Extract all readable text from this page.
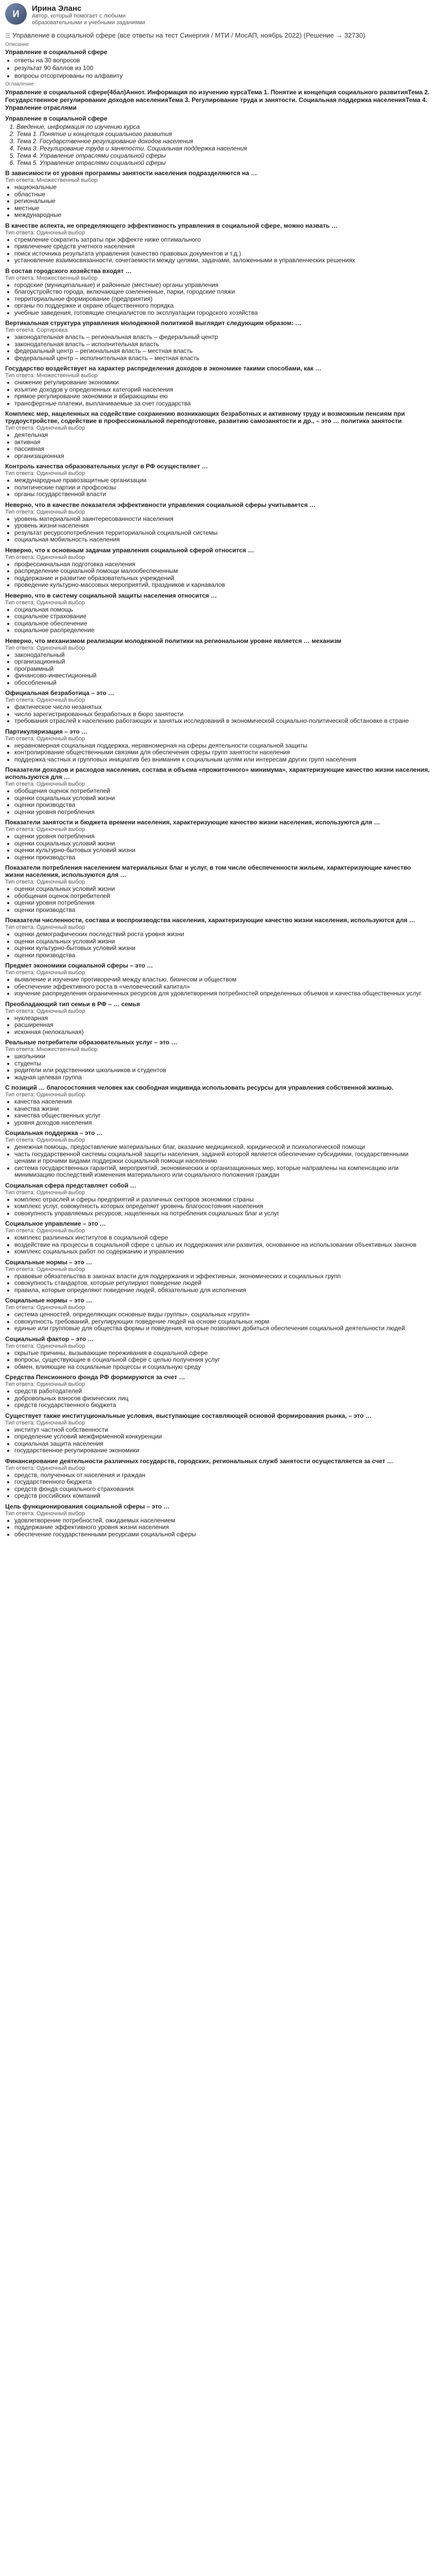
И	Ирина Эланс
Автор, который помогает с любыми образовательными и учебными заданиями
☰ Управление в социальной сфере (все ответы на тест Синергия / МТИ / МосАП, ноябрь 2022) (Решение → 32730)
Описание
Управление в социальной сфере
• ответы на 30 вопросов
• результат 90 баллов из 100
• вопросы отсортированы по алфавиту
Оглавление
Управление в социальной сфере(4бал)Аннот. Информация по изучению курсаТема 1. Понятие и концепция социального развитияТема 2. Государственное регулирование доходов населенияТема 3. Регулирование труда и занятости. Социальная поддержка населенияТема 4. Управление отраслями
Управление в социальной сфере
1. Введение, информация по изучению курса
2. Тема 1. Понятие и концепция социального развития
3. Тема 2. Государственное регулирование доходов населения
4. Тема 3. Регулирование труда и занятости. Социальная поддержка населения
5. Тема 4. Управление отраслями социальной сферы
6. Тема 5. Управление отраслями социальной сферы
В зависимости от уровня программы занятости населения подразделяются на …
Тип ответа: Множественный выбор
• национальные
• областные
• региональные
• местные
• международные
В качестве аспекта, не определяющего эффективность управления в социальной сфере, можно назвать …
Тип ответа: Одиночный выбор
• стремление сократить затраты при эффекте ниже оптимального
• привлечение средств учетного населения
• поиск источника результата управления (качество правовых документов и т.д.)
• установление взаимосвязанности, сочетаемости между целями, задачами, заложенными в управленческих решениях
В состав городского хозяйства входят …
Тип ответа: Множественный выбор
• городские (муниципальные) и районные (местные) органы управления
• благоустройство города, включающее озелененные, парки, городские пляжи
• территориальное формирование (предприятия)
• органы по поддержке и охране общественного порядка
• учебные заведения, готовящие специалистов по эксплуатации городского хозяйства
Вертикальная структура управления молодежной политикой выглядит следующим образом: …
Тип ответа: Сортировка
• законодательная власть – региональная власть – федеральный центр
• законодательная власть – исполнительная власть
• федеральный центр – региональная власть – местная власть
• федеральный центр – исполнительная власть – местная власть
Государство воздействует на характер распределения доходов в экономике такими способами, как …
Тип ответа: Множественный выбор
• снижение регулирование экономики
• изъятие доходов у определенных категорий населения
• прямое регулирование экономики и вбирающимы ею
• трансфертные платежи, выплачиваемые за счет государства
Комплекс мер, нацеленных на содействие сохранению возникающих безработных и активному труду и возможным пенсиям при трудоустройстве, содействие в профессиональной переподготовке, развитию самозанятости и др., – это … политика занятости
Тип ответа: Одиночный выбор
• деятельная
• активная
• пассивная
• организационная
Контроль качества образовательных услуг в РФ осуществляет …
Тип ответа: Одиночный выбор
• международные правозащитные организации
• политические партии и профсоюзы
• органы государственной власти
Неверно, что в качестве показателя эффективности управления социальной сферы учитывается …
Тип ответа: Одиночный выбор
• уровень материальной заинтересованности населения
• уровень жизни населения
• результат ресурсопотребления территориальной социальной системы
• социальная мобильность населения
Неверно, что к основным задачам управления социальной сферой относится …
Тип ответа: Одиночный выбор
• профессиональная подготовка населения
• распределение социальной помощи малообеспеченным
• поддержание и развитие образовательных учреждений
• проведение культурно-массовых мероприятий, праздников и карнавалов
Неверно, что в систему социальной защиты населения относится …
Тип ответа: Одиночный выбор
• социальная помощь
• социальное страхование
• социальное обеспечение
• социальное распределение
Неверно, что механизмом реализации молодежной политики на региональном уровне является … механизм
Тип ответа: Одиночный выбор
• законодательный
• организационный
• программный
• финансово-инвестиционный
• обособленный
Официальная безработица – это …
Тип ответа: Одиночный выбор
• фактическое число незанятых
• число зарегистрированных безработных в бюро занятости
• требования отраслей к населению работающих и занятых исследований в экономической социально-политической обстановке в стране
Партикуляризация – это …
Тип ответа: Одиночный выбор
• неравномерная социальная поддержка, неравномерная на сферы деятельности социальной защиты
• контролирование общественными связями для обеспечения сферы групп занятости населения
• поддержка частных и групповых инициатив без внимания к социальным целям или интересам других групп населения
Показатели доходов и расходов населения, состава и объема «прожиточного» минимума», характеризующие качество жизни населения, используются для …
Тип ответа: Одиночный выбор
• обобщения оценок потребителей
• оценки социальных условий жизни
• оценки производства
• оценки уровня потребления
Показатели занятости и бюджета времени населения, характеризующие качество жизни населения, используются для …
Тип ответа: Одиночный выбор
• оценки уровня потребления
• оценки социальных условий жизни
• оценки культурно-бытовых условий жизни
• оценки производства
Показатели потребления населением материальных благ и услуг, в том числе обеспеченности жильем, характеризующие качество жизни населения, используются для …
Тип ответа: Одиночный выбор
• оценки социальных условий жизни
• обобщения оценок потребителей
• оценки уровня потребления
• оценки производства
Показатели численности, состава и воспроизводства населения, характеризующие качество жизни населения, используются для …
Тип ответа: Одиночный выбор
• оценки демографических последствий роста уровня жизни
• оценки социальных условий жизни
• оценки культурно-бытовых условий жизни
• оценки производства
Предмет экономики социальной сферы – это …
Тип ответа: Одиночный выбор
• выявление и изучение противоречий между властью, бизнесом и обществом
• обеспечение эффективного роста в «человеческий капитал»
• изучение распределения ограниченных ресурсов для удовлетворения потребностей определенных объемов и качества общественных услуг
Преобладающий тип семьи в РФ – … семья
Тип ответа: Одиночный выбор
• нуклеарная
• расширенная
• исконная (нелокальная)
Реальные потребители образовательных услуг – это …
Тип ответа: Множественный выбор
• школьники
• студенты
• родители или родственники школьников и студентов
• жадная целевая группа
С позиций … благосостояния человек как свободная индивида использовать ресурсы для управления собственной жизнью.
Тип ответа: Одиночный выбор
• качества населения
• качества жизни
• качества общественных услуг
• уровня доходов населения
Социальная поддержка – это …
Тип ответа: Одиночный выбор
• денежная помощь, предоставление материальных благ, оказание медицинской, юридической и психологической помощи
• часть государственной системы социальной защиты населения, задачей которой является обеспечение субсидиями, государственными ценами и прочими видами поддержки социальной помощи населению
• система государственных гарантий, мероприятий, экономических и организационных мер, которые направлены на компенсацию или минимизацию последствий изменения материального или социального положения граждан
Социальная сфера представляет собой …
Тип ответа: Одиночный выбор
• комплекс отраслей и сферы предприятий и различных секторов экономики страны
• комплекс услуг, совокупность которых определяет уровень благосостояния населения
• совокупность управляемых ресурсов, нацеленных на потребления социальных благ и услуг
Социальное управление – это …
Тип ответа: Одиночный выбор
• комплекс различных институтов в социальной сфере
• воздействие на процессы в социальной сфере с целью их поддержания или развития, основанное на использовании объективных законов
• комплекс социальных работ по содержанию и управлению
Социальные нормы – это …
Тип ответа: Одиночный выбор
• правовые обязательства в законах власти для поддержания и эффективных, экономических и социальных групп
• совокупность стандартов, которые регулируют поведение людей
• правила, которые определяют поведение людей, обязательные для исполнения
Социальные нормы – это …
Тип ответа: Одиночный выбор
• система ценностей, определяющих основные виды группы», социальных «групп»
• совокупность требований, регулирующих поведение людей на основе социальных норм
• единые или групповые для общества формы и поведения, которые позволяют добиться обеспечения социальной деятельности людей
Социальный фактор – это …
Тип ответа: Одиночный выбор
• скрытые причины, вызывающие переживания в социальной сфере
• вопросы, существующие в социальной сфере с целью получения услуг
• обмен, влияющие на социальные процессы и социальную среду
Средства Пенсионного фонда РФ формируются за счет …
Тип ответа: Одиночный выбор
• средств работодателей
• добровольных взносов физических лиц
• средств государственного бюджета
Существует также институциональные условия, выступающие составляющей основой формирования рынка, – это …
Тип ответа: Одиночный выбор
• институт частной собственности
• определение условий межфирменной конкуренции
• социальная защита населения
• государственное регулирование экономики
Финансирование деятельности различных государств, городских, региональных служб занятости осуществляется за счет …
Тип ответа: Одиночный выбор
• средств, полученных от населения и граждан
• государственного бюджета
• средств фонда социального страхования
• средств российских компаний
Цель функционирования социальной сферы – это …
Тип ответа: Одиночный выбор
• удовлетворение потребностей, ожидаемых населением
• поддержание эффективного уровня жизни населения
• обеспечение государственными ресурсами социальной сферы
